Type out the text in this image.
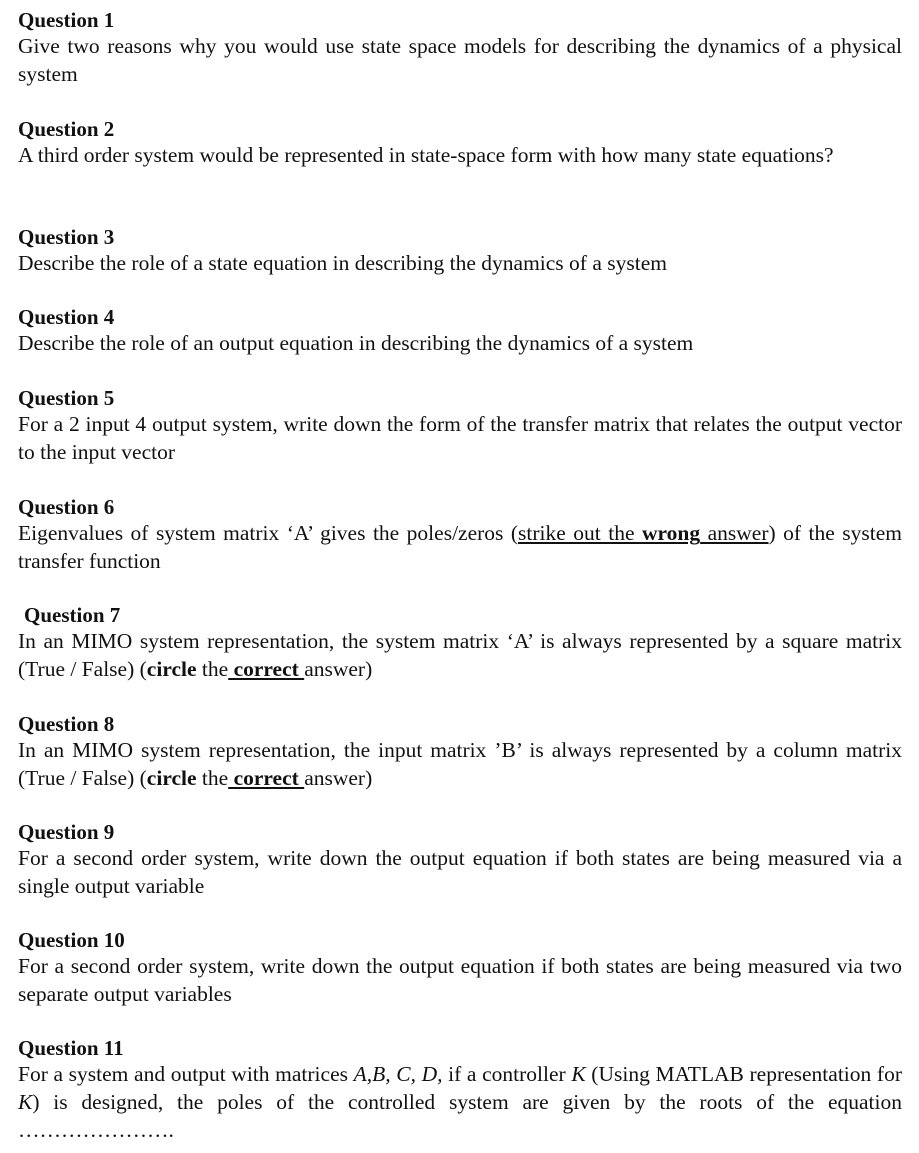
Question 1

Give two reasons why you would use state space models for describing the dynamics of a physical system

Question 2

A third order system would be represented in state-space form with how many state equations?

Question 3

Describe the role of a state equation in describing the dynamics of a system

Question 4

Describe the role of an output equation in describing the dynamics of a system

Question 5

For a 2 input 4 output system, write down the form of the transfer matrix that relates the output vector to the input vector

Question 6

Eigenvalues of system matrix ‘A’ gives the poles/zeros (strike out the wrong answer) of the system transfer function

Question 7

In an MIMO system representation, the system matrix ‘A’ is always represented by a square matrix (True / False) (circle the correct answer)

Question 8

In an MIMO system representation, the input matrix ’B’ is always represented by a column matrix (True / False) (circle the correct answer)

Question 9

For a second order system, write down the output equation if both states are being measured via a single output variable

Question 10

For a second order system, write down the output equation if both states are being measured via two separate output variables

Question 11

For a system and output with matrices A,B, C, D, if a controller K (Using MATLAB representation for K) is designed, the poles of the controlled system are given by the roots of the equation ………………….
